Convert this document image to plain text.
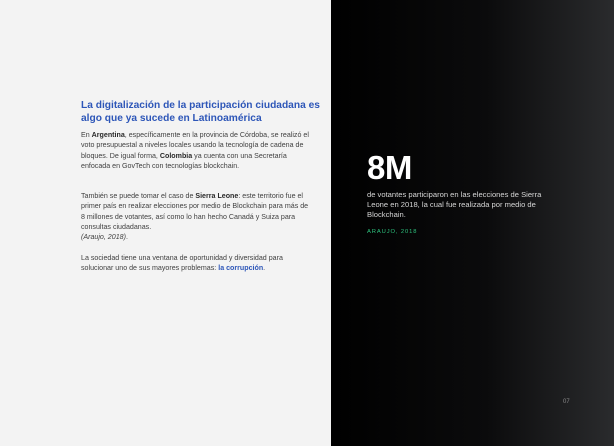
La digitalización de la participación ciudadana es algo que ya sucede en Latinoamérica

En Argentina, específicamente en la provincia de Córdoba, se realizó el voto presupuestal a niveles locales usando la tecnología de cadena de bloques. De igual forma, Colombia ya cuenta con una Secretaría enfocada en GovTech con tecnologías blockchain.

También se puede tomar el caso de Sierra Leone: este territorio fue el primer país en realizar elecciones por medio de Blockchain para más de 8 millones de votantes, así como lo han hecho Canadá y Suiza para consultas ciudadanas.
(Araujo, 2018).

La sociedad tiene una ventana de oportunidad y diversidad para solucionar uno de sus mayores problemas: la corrupción.

8M

de votantes participaron en las elecciones de Sierra Leone en 2018, la cual fue realizada por medio de Blockchain.

ARAUJO, 2018

07
